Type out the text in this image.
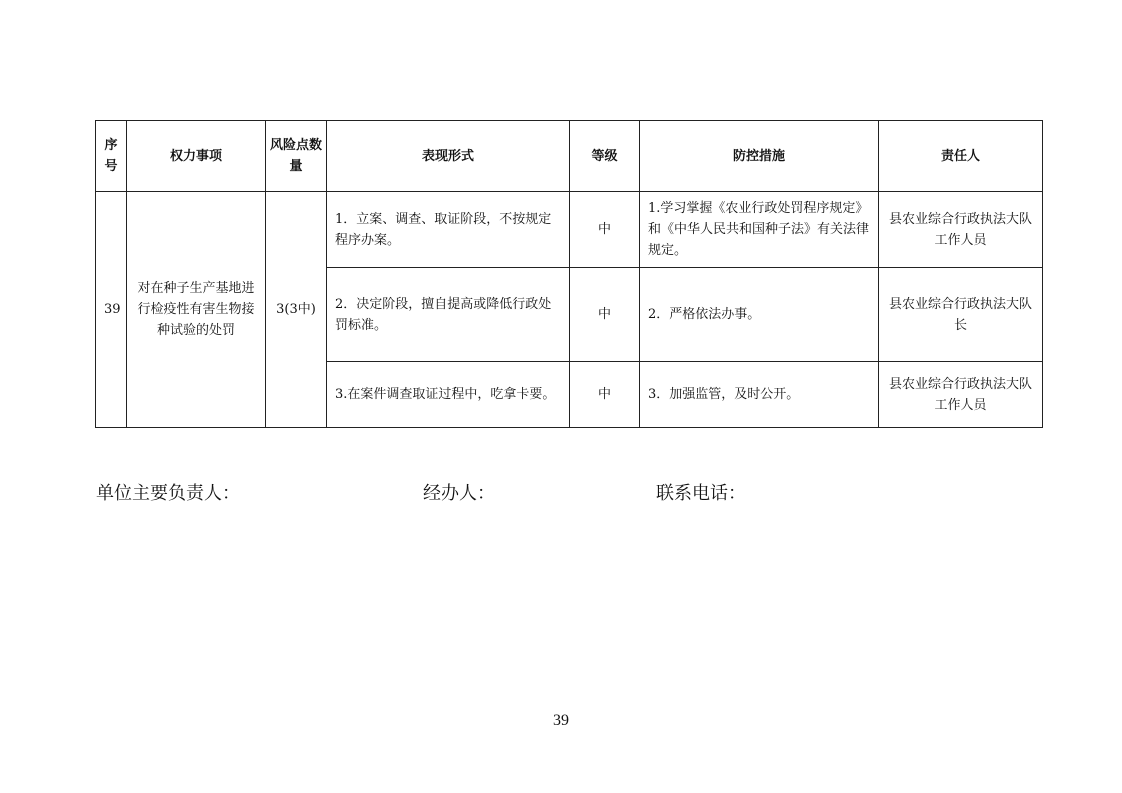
序号	权力事项	风险点数量	表现形式	等级	防控措施	责任人
39	对在种子生产基地进行检疫性有害生物接种试验的处罚	3(3中)	1．立案、调查、取证阶段，不按规定程序办案。	中	1.学习掌握《农业行政处罚程序规定》和《中华人民共和国种子法》有关法律规定。	县农业综合行政执法大队工作人员
			2．决定阶段，擅自提高或降低行政处罚标准。	中	2．严格依法办事。	县农业综合行政执法大队长
			3.在案件调查取证过程中，吃拿卡要。	中	3．加强监管，及时公开。	县农业综合行政执法大队工作人员
单位主要负责人：	经办人：	联系电话：
39
